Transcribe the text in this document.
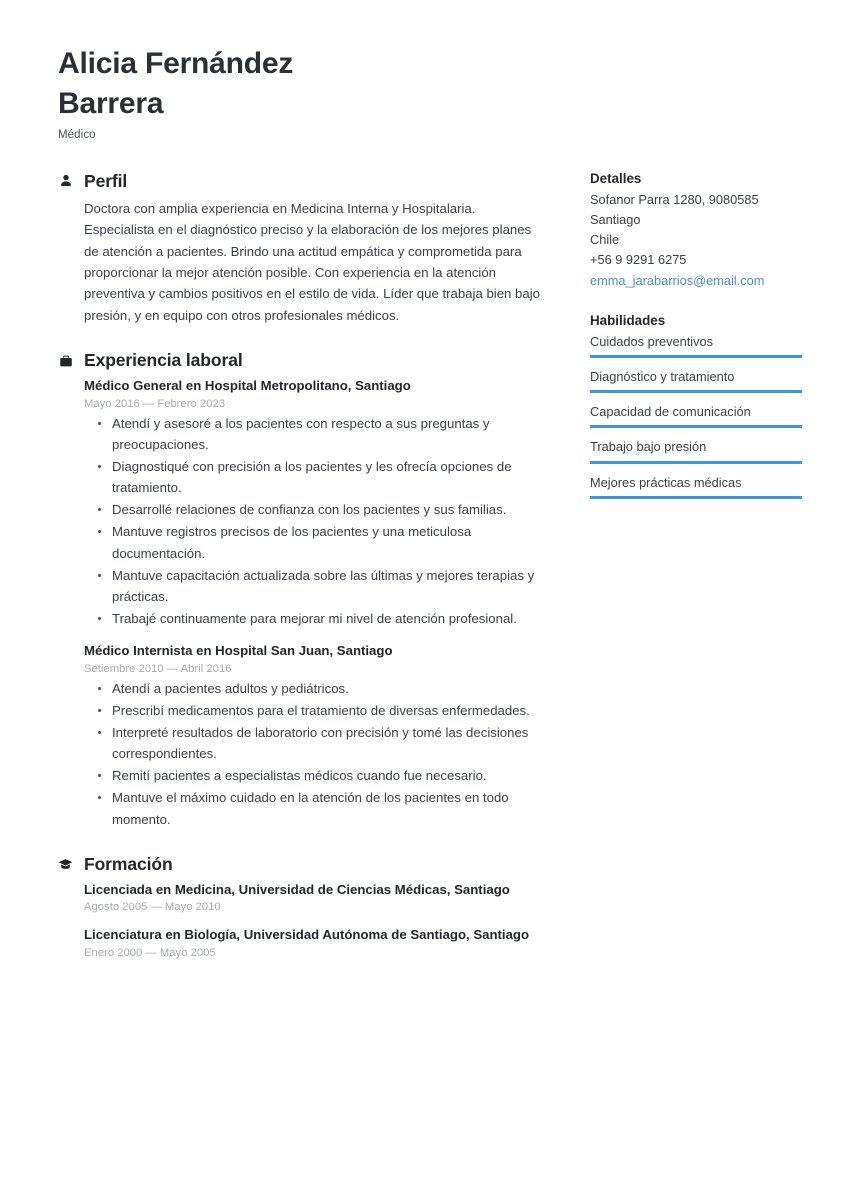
Alicia Fernández Barrera
Médico
Perfil
Doctora con amplia experiencia en Medicina Interna y Hospitalaria. Especialista en el diagnóstico preciso y la elaboración de los mejores planes de atención a pacientes. Brindo una actitud empática y comprometida para proporcionar la mejor atención posible. Con experiencia en la atención preventiva y cambios positivos en el estilo de vida. Líder que trabaja bien bajo presión, y en equipo con otros profesionales médicos.
Experiencia laboral
Médico General en Hospital Metropolitano, Santiago
Mayo 2016 — Febrero 2023
Atendí y asesoré a los pacientes con respecto a sus preguntas y preocupaciones.
Diagnostiqué con precisión a los pacientes y les ofrecía opciones de tratamiento.
Desarrollé relaciones de confianza con los pacientes y sus familias.
Mantuve registros precisos de los pacientes y una meticulosa documentación.
Mantuve capacitación actualizada sobre las últimas y mejores terapias y prácticas.
Trabajé continuamente para mejorar mi nivel de atención profesional.
Médico Internista en Hospital San Juan, Santiago
Setiembre 2010 — Abril 2016
Atendí a pacientes adultos y pediátricos.
Prescribí medicamentos para el tratamiento de diversas enfermedades.
Interpreté resultados de laboratorio con precisión y tomé las decisiones correspondientes.
Remití pacientes a especialistas médicos cuando fue necesario.
Mantuve el máximo cuidado en la atención de los pacientes en todo momento.
Formación
Licenciada en Medicina, Universidad de Ciencias Médicas, Santiago
Agosto 2005 — Mayo 2010
Licenciatura en Biología, Universidad Autónoma de Santiago, Santiago
Enero 2000 — Mayo 2005
Detalles
Sofanor Parra 1280, 9080585
Santiago
Chile
+56 9 9291 6275
emma_jarabarrios@email.com
Habilidades
Cuidados preventivos
Diagnóstico y tratamiento
Capacidad de comunicación
Trabajo bajo presión
Mejores prácticas médicas
